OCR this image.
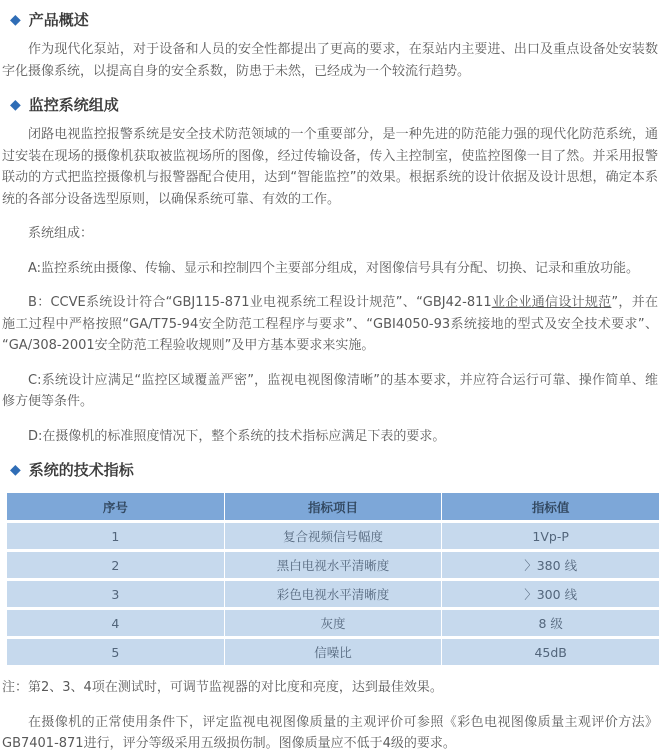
◆ 产品概述

作为现代化泵站，对于设备和人员的安全性都提出了更高的要求，在泵站内主要进、出口及重点设备处安装数字化摄像系统，以提高自身的安全系数，防患于未然，已经成为一个较流行趋势。

◆ 监控系统组成

闭路电视监控报警系统是安全技术防范领域的一个重要部分，是一种先进的防范能力强的现代化防范系统，通过安装在现场的摄像机获取被监视场所的图像，经过传输设备，传入主控制室，使监控图像一目了然。并采用报警联动的方式把监控摄像机与报警器配合使用，达到“智能监控”的效果。根据系统的设计依据及设计思想，确定本系统的各部分设备选型原则，以确保系统可靠、有效的工作。

系统组成：

A:监控系统由摄像、传输、显示和控制四个主要部分组成，对图像信号具有分配、切换、记录和重放功能。

B：CCVE系统设计符合“GBJ115-871业电视系统工程设计规范”、“GBJ42-811业企业通信设计规范”，并在施工过程中严格按照“GA/T75-94安全防范工程程序与要求”、“GBI4050-93系统接地的型式及安全技术要求”、“GA/308-2001安全防范工程验收规则”及甲方基本要求来实施。

C:系统设计应满足“监控区域覆盖严密”，监视电视图像清晰”的基本要求，并应符合运行可靠、操作简单、维修方便等条件。

D:在摄像机的标准照度情况下，整个系统的技术指标应满足下表的要求。

◆ 系统的技术指标
序号	指标项目	指标值
1	复合视频信号幅度	1Vp-P
2	黑白电视水平清晰度	〉380 线
3	彩色电视水平清晰度	〉300 线
4	灰度	8 级
5	信噪比	45dB

注：第2、3、4项在测试时，可调节监视器的对比度和亮度，达到最佳效果。

在摄像机的正常使用条件下，评定监视电视图像质量的主观评价可参照《彩色电视图像质量主观评价方法》GB7401-871进行，评分等级采用五级损伤制。图像质量应不低于4级的要求。
